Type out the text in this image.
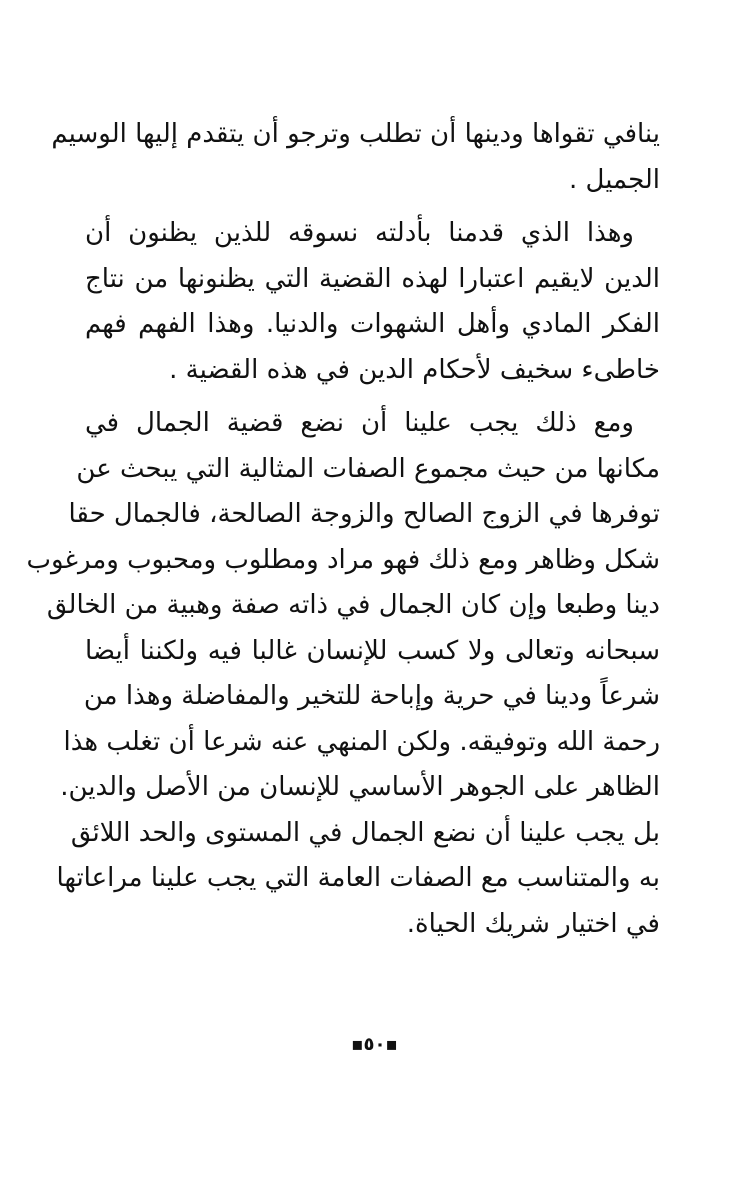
ينافي تقواها ودينها أن تطلب وترجو أن يتقدم إليها الوسيم
الجميل .
وهذا الذي قدمنا بأدلته نسوقه للذين يظنون أن
الدين لايقيم اعتبارا لهذه القضية التي يظنونها من نتاج
الفكر المادي وأهل الشهوات والدنيا. وهذا الفهم فهم
خاطىء سخيف لأحكام الدين في هذه القضية .
ومع ذلك يجب علينا أن نضع قضية الجمال في
مكانها من حيث مجموع الصفات المثالية التي يبحث عن
توفرها في الزوج الصالح والزوجة الصالحة، فالجمال حقا
شكل وظاهر ومع ذلك فهو مراد ومطلوب ومحبوب ومرغوب
دينا وطبعا وإن كان الجمال في ذاته صفة وهبية من الخالق
سبحانه وتعالى ولا كسب للإنسان غالبا فيه ولكننا أيضا
شرعاً ودينا في حرية وإباحة للتخير والمفاضلة وهذا من
رحمة الله وتوفيقه. ولكن المنهي عنه شرعا أن تغلب هذا
الظاهر على الجوهر الأساسي للإنسان من الأصل والدين.
بل يجب علينا أن نضع الجمال في المستوى والحد اللائق
به والمتناسب مع الصفات العامة التي يجب علينا مراعاتها
في اختيار شريك الحياة.
▪٥٠▪
